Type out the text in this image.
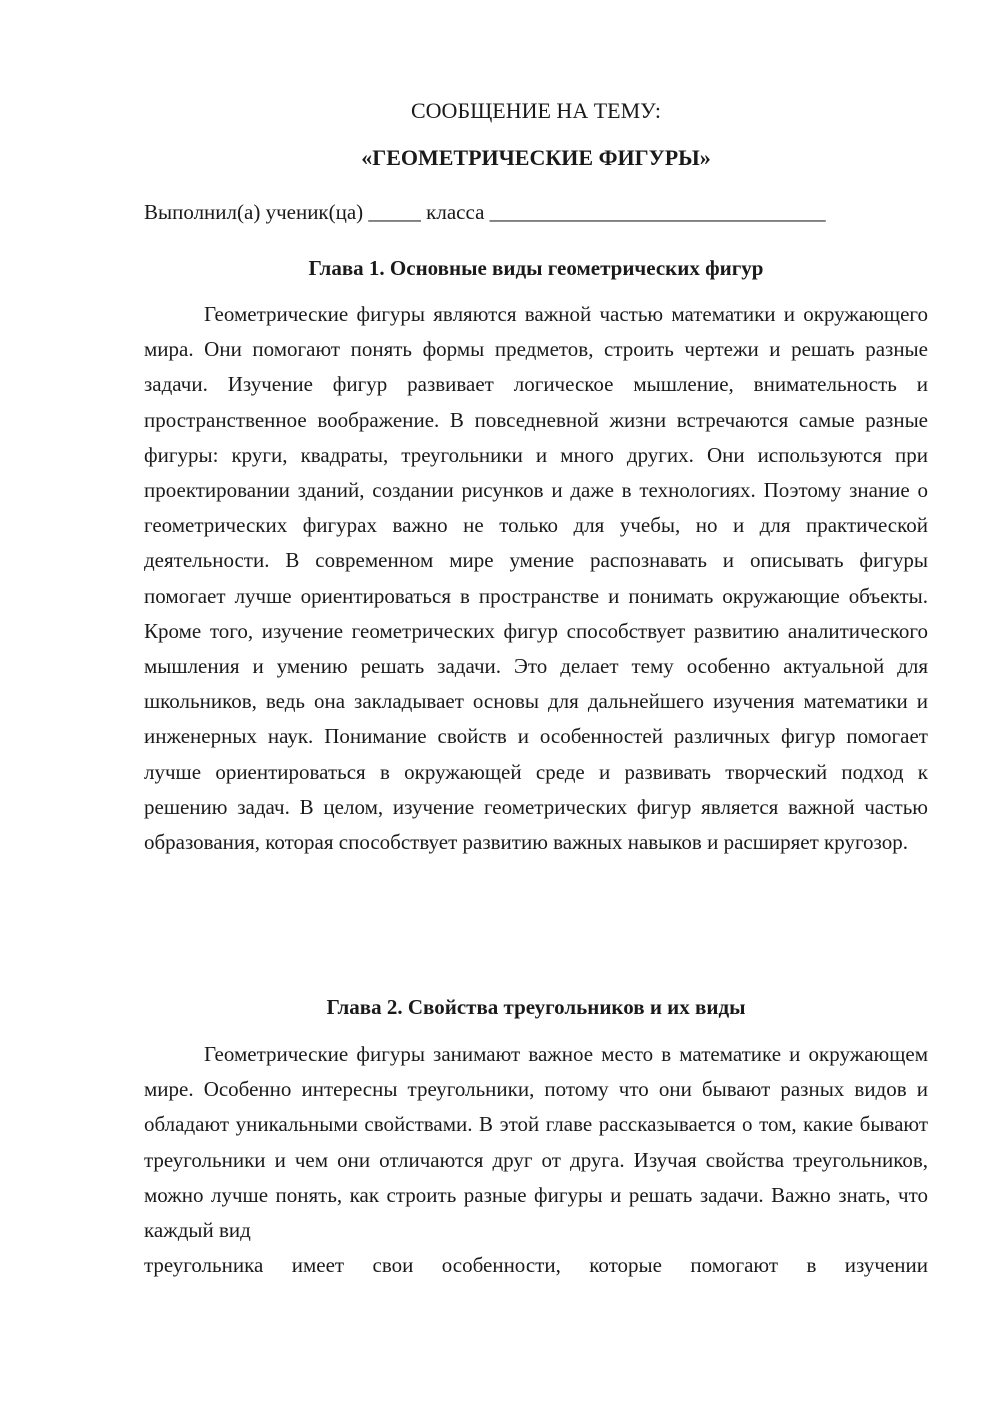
СООБЩЕНИЕ НА ТЕМУ:
«ГЕОМЕТРИЧЕСКИЕ ФИГУРЫ»
Выполнил(а) ученик(ца) _____ класса ________________________________
Глава 1. Основные виды геометрических фигур

Геометрические фигуры являются важной частью математики и окружающего мира. Они помогают понять формы предметов, строить чертежи и решать разные задачи. Изучение фигур развивает логическое мышление, внимательность и пространственное воображение. В повседневной жизни встречаются самые разные фигуры: круги, квадраты, треугольники и много других. Они используются при проектировании зданий, создании рисунков и даже в технологиях. Поэтому знание о геометрических фигурах важно не только для учебы, но и для практической деятельности. В современном мире умение распознавать и описывать фигуры помогает лучше ориентироваться в пространстве и понимать окружающие объекты. Кроме того, изучение геометрических фигур способствует развитию аналитического мышления и умению решать задачи. Это делает тему особенно актуальной для школьников, ведь она закладывает основы для дальнейшего изучения математики и инженерных наук. Понимание свойств и особенностей различных фигур помогает лучше ориентироваться в окружающей среде и развивать творческий подход к решению задач. В целом, изучение геометрических фигур является важной частью образования, которая способствует развитию важных навыков и расширяет кругозор.

Глава 2. Свойства треугольников и их виды
Геометрические фигуры занимают важное место в математике и окружающем мире. Особенно интересны треугольники, потому что они бывают разных видов и обладают уникальными свойствами. В этой главе рассказывается о том, какие бывают треугольники и чем они отличаются друг от друга. Изучая свойства треугольников, можно лучше понять, как строить разные фигуры и решать задачи. Важно знать, что каждый вид
треугольника имеет свои особенности, которые помогают в изучении
